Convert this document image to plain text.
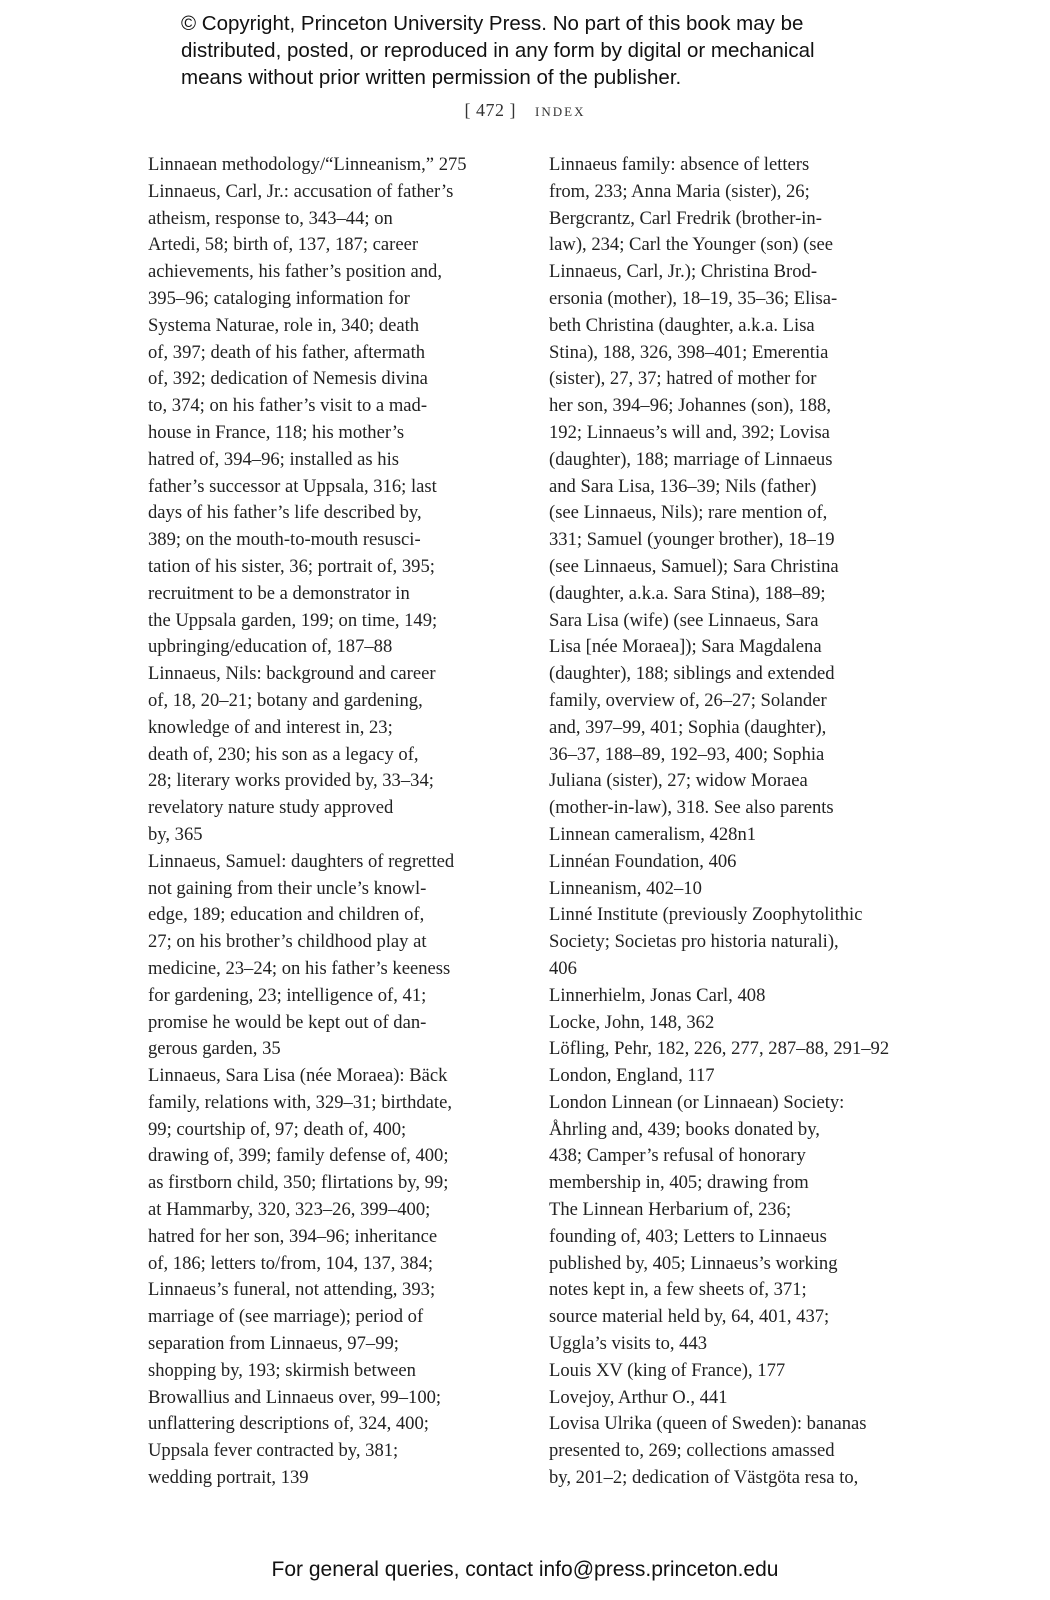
© Copyright, Princeton University Press. No part of this book may be
distributed, posted, or reproduced in any form by digital or mechanical
means without prior written permission of the publisher.
[ 472 ] index
Linnaean methodology/“Linneanism,” 275
Linnaeus, Carl, Jr.: accusation of father’s
atheism, response to, 343–44; on
Artedi, 58; birth of, 137, 187; career
achievements, his father’s position and,
395–96; cataloging information for
Systema Naturae, role in, 340; death
of, 397; death of his father, aftermath
of, 392; dedication of Nemesis divina
to, 374; on his father’s visit to a mad-
house in France, 118; his mother’s
hatred of, 394–96; installed as his
father’s successor at Uppsala, 316; last
days of his father’s life described by,
389; on the mouth-to-mouth resusci-
tation of his sister, 36; portrait of, 395;
recruitment to be a demonstrator in
the Uppsala garden, 199; on time, 149;
upbringing/education of, 187–88
Linnaeus, Nils: background and career
of, 18, 20–21; botany and gardening,
knowledge of and interest in, 23;
death of, 230; his son as a legacy of,
28; literary works provided by, 33–34;
revelatory nature study approved
by, 365
Linnaeus, Samuel: daughters of regretted
not gaining from their uncle’s knowl-
edge, 189; education and children of,
27; on his brother’s childhood play at
medicine, 23–24; on his father’s keeness
for gardening, 23; intelligence of, 41;
promise he would be kept out of dan-
gerous garden, 35
Linnaeus, Sara Lisa (née Moraea): Bäck
family, relations with, 329–31; birthdate,
99; courtship of, 97; death of, 400;
drawing of, 399; family defense of, 400;
as firstborn child, 350; flirtations by, 99;
at Hammarby, 320, 323–26, 399–400;
hatred for her son, 394–96; inheritance
of, 186; letters to/from, 104, 137, 384;
Linnaeus’s funeral, not attending, 393;
marriage of (see marriage); period of
separation from Linnaeus, 97–99;
shopping by, 193; skirmish between
Browallius and Linnaeus over, 99–100;
unflattering descriptions of, 324, 400;
Uppsala fever contracted by, 381;
wedding portrait, 139
Linnaeus family: absence of letters
from, 233; Anna Maria (sister), 26;
Bergcrantz, Carl Fredrik (brother-in-
law), 234; Carl the Younger (son) (see
Linnaeus, Carl, Jr.); Christina Brod-
ersonia (mother), 18–19, 35–36; Elisa-
beth Christina (daughter, a.k.a. Lisa
Stina), 188, 326, 398–401; Emerentia
(sister), 27, 37; hatred of mother for
her son, 394–96; Johannes (son), 188,
192; Linnaeus’s will and, 392; Lovisa
(daughter), 188; marriage of Linnaeus
and Sara Lisa, 136–39; Nils (father)
(see Linnaeus, Nils); rare mention of,
331; Samuel (younger brother), 18–19
(see Linnaeus, Samuel); Sara Christina
(daughter, a.k.a. Sara Stina), 188–89;
Sara Lisa (wife) (see Linnaeus, Sara
Lisa [née Moraea]); Sara Magdalena
(daughter), 188; siblings and extended
family, overview of, 26–27; Solander
and, 397–99, 401; Sophia (daughter),
36–37, 188–89, 192–93, 400; Sophia
Juliana (sister), 27; widow Moraea
(mother-in-law), 318. See also parents
Linnean cameralism, 428n1
Linnéan Foundation, 406
Linneanism, 402–10
Linné Institute (previously Zoophytolithic
Society; Societas pro historia naturali),
406
Linnerhielm, Jonas Carl, 408
Locke, John, 148, 362
Löfling, Pehr, 182, 226, 277, 287–88, 291–92
London, England, 117
London Linnean (or Linnaean) Society:
Åhrling and, 439; books donated by,
438; Camper’s refusal of honorary
membership in, 405; drawing from
The Linnean Herbarium of, 236;
founding of, 403; Letters to Linnaeus
published by, 405; Linnaeus’s working
notes kept in, a few sheets of, 371;
source material held by, 64, 401, 437;
Uggla’s visits to, 443
Louis XV (king of France), 177
Lovejoy, Arthur O., 441
Lovisa Ulrika (queen of Sweden): bananas
presented to, 269; collections amassed
by, 201–2; dedication of Västgöta resa to,
For general queries, contact info@press.princeton.edu
